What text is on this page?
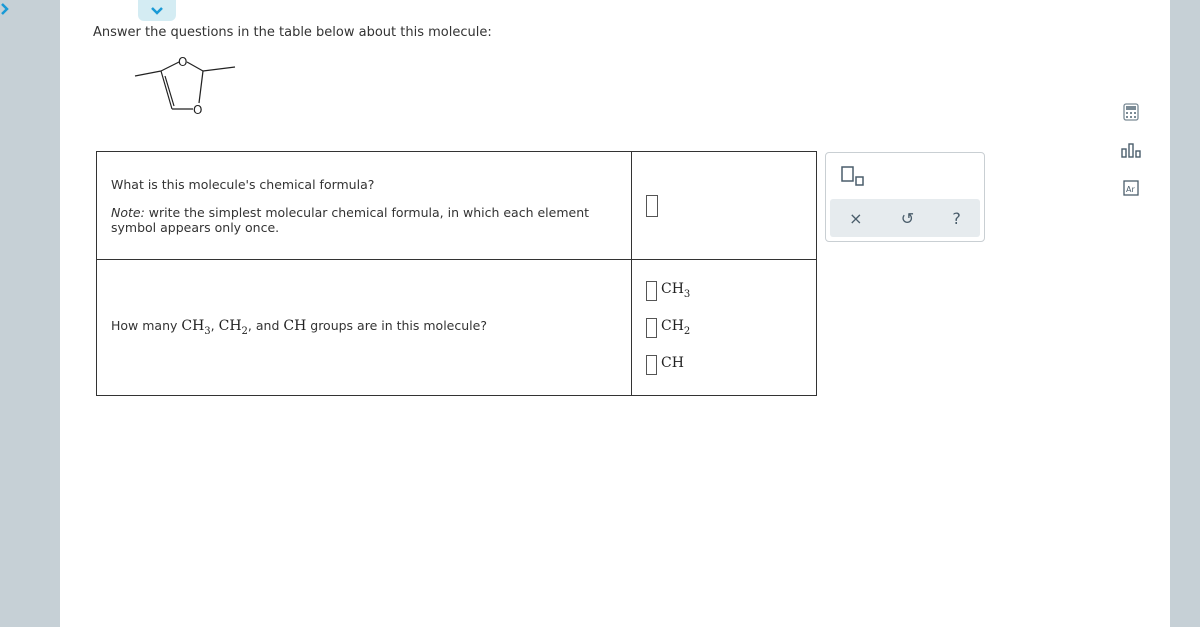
Answer the questions in the table below about this molecule:
O
O
What is this molecule's chemical formula?
Note: write the simplest molecular chemical formula, in which each element symbol appears only once.	

How many $CH_3$, $CH_2$, and CH groups are in this molecule?	$CH_3$
$CH_2$
CH
× ↺ ?
Ar
